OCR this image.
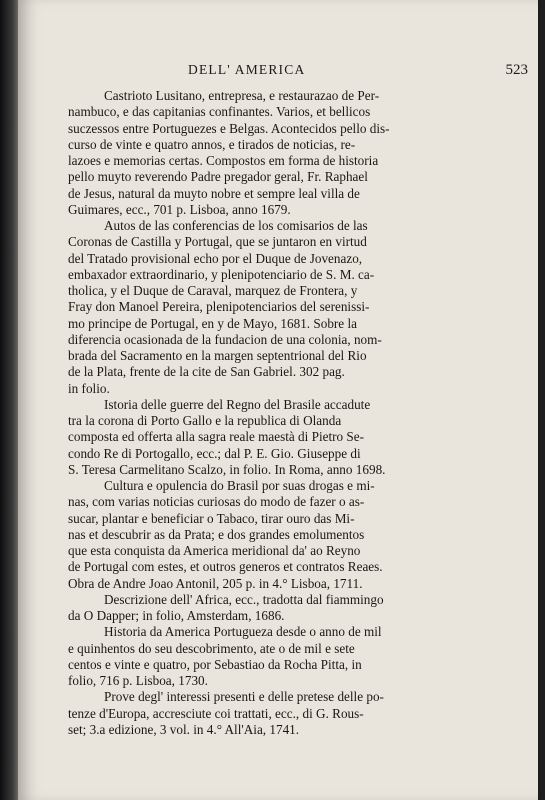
DELL' AMERICA	523
Castrioto Lusitano, entrepresa, e restaurazao de Per-
nambuco, e das capitanias confinantes. Varios, et bellicos
suczessos entre Portuguezes e Belgas. Acontecidos pello dis-
curso de vinte e quatro annos, e tirados de noticias, re-
lazoes e memorias certas. Compostos em forma de historia
pello muyto reverendo Padre pregador geral, Fr. Raphael
de Jesus, natural da muyto nobre et sempre leal villa de
Guimares, ecc., 701 p. Lisboa, anno 1679.
Autos de las conferencias de los comisarios de las
Coronas de Castilla y Portugal, que se juntaron en virtud
del Tratado provisional echo por el Duque de Jovenazo,
embaxador extraordinario, y plenipotenciario de S. M. ca-
tholica, y el Duque de Caraval, marquez de Frontera, y
Fray don Manoel Pereira, plenipotenciarios del serenissi-
mo principe de Portugal, en y de Mayo, 1681. Sobre la
diferencia ocasionada de la fundacion de una colonia, nom-
brada del Sacramento en la margen septentrional del Rio
de la Plata, frente de la cite de San Gabriel. 302 pag.
in folio.
Istoria delle guerre del Regno del Brasile accadute
tra la corona di Porto Gallo e la republica di Olanda
composta ed offerta alla sagra reale maestà di Pietro Se-
condo Re di Portogallo, ecc.; dal P. E. Gio. Giuseppe di
S. Teresa Carmelitano Scalzo, in folio. In Roma, anno 1698.
Cultura e opulencia do Brasil por suas drogas e mi-
nas, com varias noticias curiosas do modo de fazer o as-
sucar, plantar e beneficiar o Tabaco, tirar ouro das Mi-
nas et descubrir as da Prata; e dos grandes emolumentos
que esta conquista da America meridional da' ao Reyno
de Portugal com estes, et outros generos et contratos Reaes.
Obra de Andre Joao Antonil, 205 p. in 4.° Lisboa, 1711.
Descrizione dell' Africa, ecc., tradotta dal fiammingo
da O Dapper; in folio, Amsterdam, 1686.
Historia da America Portugueza desde o anno de mil
e quinhentos do seu descobrimento, ate o de mil e sete
centos e vinte e quatro, por Sebastiao da Rocha Pitta, in
folio, 716 p. Lisboa, 1730.
Prove degl' interessi presenti e delle pretese delle po-
tenze d'Europa, accresciute coi trattati, ecc., di G. Rous-
set; 3.a edizione, 3 vol. in 4.° All'Aia, 1741.
